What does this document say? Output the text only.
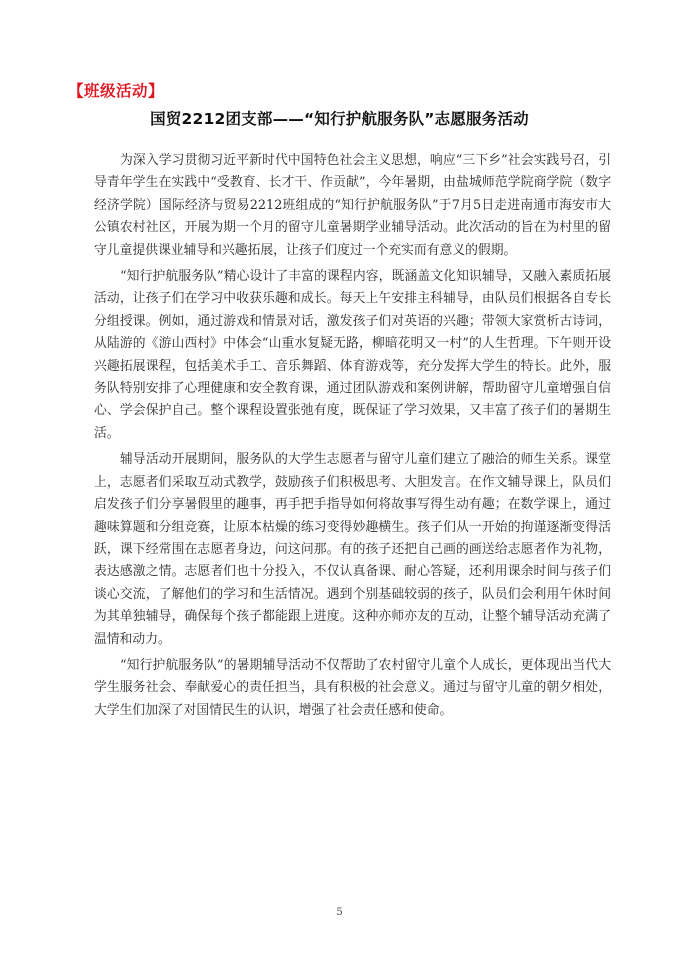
【班级活动】
国贸2212团支部——“知行护航服务队”志愿服务活动

为深入学习贯彻习近平新时代中国特色社会主义思想，响应“三下乡”社会实践号召，引导青年学生在实践中“受教育、长才干、作贡献”，今年暑期，由盐城师范学院商学院（数字经济学院）国际经济与贸易2212班组成的“知行护航服务队”于7月5日走进南通市海安市大公镇农村社区，开展为期一个月的留守儿童暑期学业辅导活动。此次活动的旨在为村里的留守儿童提供课业辅导和兴趣拓展，让孩子们度过一个充实而有意义的假期。

“知行护航服务队”精心设计了丰富的课程内容，既涵盖文化知识辅导，又融入素质拓展活动，让孩子们在学习中收获乐趣和成长。每天上午安排主科辅导，由队员们根据各自专长分组授课。例如，通过游戏和情景对话，激发孩子们对英语的兴趣；带领大家赏析古诗词，从陆游的《游山西村》中体会“山重水复疑无路，柳暗花明又一村”的人生哲理。下午则开设兴趣拓展课程，包括美术手工、音乐舞蹈、体育游戏等，充分发挥大学生的特长。此外，服务队特别安排了心理健康和安全教育课，通过团队游戏和案例讲解，帮助留守儿童增强自信心、学会保护自己。整个课程设置张弛有度，既保证了学习效果，又丰富了孩子们的暑期生活。

辅导活动开展期间，服务队的大学生志愿者与留守儿童们建立了融洽的师生关系。课堂上，志愿者们采取互动式教学，鼓励孩子们积极思考、大胆发言。在作文辅导课上，队员们启发孩子们分享暑假里的趣事，再手把手指导如何将故事写得生动有趣；在数学课上，通过趣味算题和分组竞赛，让原本枯燥的练习变得妙趣横生。孩子们从一开始的拘谨逐渐变得活跃，课下经常围在志愿者身边，问这问那。有的孩子还把自己画的画送给志愿者作为礼物，表达感激之情。志愿者们也十分投入，不仅认真备课、耐心答疑，还利用课余时间与孩子们谈心交流，了解他们的学习和生活情况。遇到个别基础较弱的孩子，队员们会利用午休时间为其单独辅导，确保每个孩子都能跟上进度。这种亦师亦友的互动，让整个辅导活动充满了温情和动力。

“知行护航服务队”的暑期辅导活动不仅帮助了农村留守儿童个人成长，更体现出当代大学生服务社会、奉献爱心的责任担当，具有积极的社会意义。通过与留守儿童的朝夕相处，大学生们加深了对国情民生的认识，增强了社会责任感和使命。

5
